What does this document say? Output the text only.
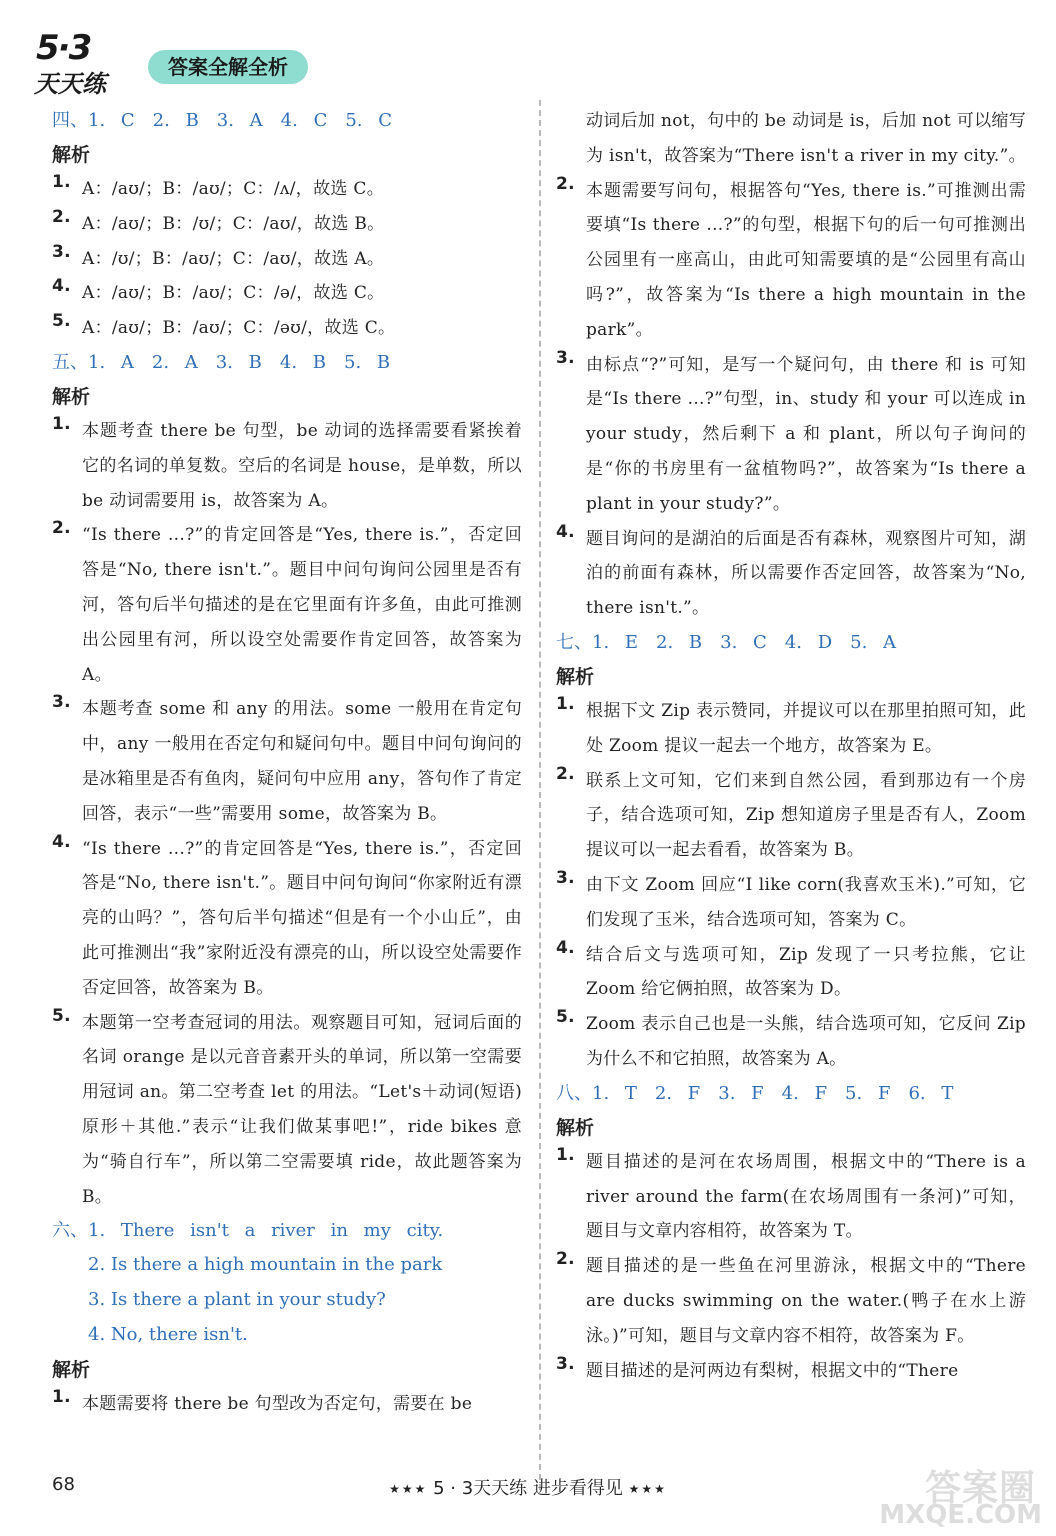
5·3
天天练
答案全解全析
四、1. C　2. B　3. A　4. C　5. C
解析
1. A：/aʊ/；B：/aʊ/；C：/ʌ/，故选 C。
2. A：/aʊ/；B：/ʊ/；C：/aʊ/，故选 B。
3. A：/ʊ/；B：/aʊ/；C：/aʊ/，故选 A。
4. A：/aʊ/；B：/aʊ/；C：/ə/，故选 C。
5. A：/aʊ/；B：/aʊ/；C：/əʊ/，故选 C。
五、1. A　2. A　3. B　4. B　5. B
解析
1. 本题考查 there be 句型，be 动词的选择需要看紧挨着它的名词的单复数。空后的名词是 house，是单数，所以 be 动词需要用 is，故答案为 A。
2. “Is there ...?”的肯定回答是“Yes, there is.”，否定回答是“No, there isn't.”。题目中问句询问公园里是否有河，答句后半句描述的是在它里面有许多鱼，由此可推测出公园里有河，所以设空处需要作肯定回答，故答案为 A。
3. 本题考查 some 和 any 的用法。some 一般用在肯定句中，any 一般用在否定句和疑问句中。题目中问句询问的是冰箱里是否有鱼肉，疑问句中应用 any，答句作了肯定回答，表示“一些”需要用 some，故答案为 B。
4. “Is there ...?”的肯定回答是“Yes, there is.”，否定回答是“No, there isn't.”。题目中问句询问“你家附近有漂亮的山吗？”，答句后半句描述“但是有一个小山丘”，由此可推测出“我”家附近没有漂亮的山，所以设空处需要作否定回答，故答案为 B。
5. 本题第一空考查冠词的用法。观察题目可知，冠词后面的名词 orange 是以元音音素开头的单词，所以第一空需要用冠词 an。第二空考查 let 的用法。“Let's＋动词(短语)原形＋其他.”表示“让我们做某事吧!”，ride bikes 意为“骑自行车”，所以第二空需要填 ride，故此题答案为 B。
六、1. There isn't a river in my city.
2. Is there a high mountain in the park
3. Is there a plant in your study?
4. No, there isn't.
解析
1. 本题需要将 there be 句型改为否定句，需要在 be
动词后加 not，句中的 be 动词是 is，后加 not 可以缩写为 isn't，故答案为“There isn't a river in my city.”。
2. 本题需要写问句，根据答句“Yes, there is.”可推测出需要填“Is there ...?”的句型，根据下句的后一句可推测出公园里有一座高山，由此可知需要填的是“公园里有高山吗?”，故答案为“Is there a high mountain in the park”。
3. 由标点“?”可知，是写一个疑问句，由 there 和 is 可知是“Is there ...?”句型，in、study 和 your 可以连成 in your study，然后剩下 a 和 plant，所以句子询问的是“你的书房里有一盆植物吗?”，故答案为“Is there a plant in your study?”。
4. 题目询问的是湖泊的后面是否有森林，观察图片可知，湖泊的前面有森林，所以需要作否定回答，故答案为“No, there isn't.”。
七、1. E　2. B　3. C　4. D　5. A
解析
1. 根据下文 Zip 表示赞同，并提议可以在那里拍照可知，此处 Zoom 提议一起去一个地方，故答案为 E。
2. 联系上文可知，它们来到自然公园，看到那边有一个房子，结合选项可知，Zip 想知道房子里是否有人，Zoom 提议可以一起去看看，故答案为 B。
3. 由下文 Zoom 回应“I like corn(我喜欢玉米).”可知，它们发现了玉米，结合选项可知，答案为 C。
4. 结合后文与选项可知，Zip 发现了一只考拉熊，它让 Zoom 给它俩拍照，故答案为 D。
5. Zoom 表示自己也是一头熊，结合选项可知，它反问 Zip 为什么不和它拍照，故答案为 A。
八、1. T　2. F　3. F　4. F　5. F　6. T
解析
1. 题目描述的是河在农场周围，根据文中的“There is a river around the farm(在农场周围有一条河)”可知，题目与文章内容相符，故答案为 T。
2. 题目描述的是一些鱼在河里游泳，根据文中的“There are ducks swimming on the water.(鸭子在水上游泳。)”可知，题目与文章内容不相符，故答案为 F。
3. 题目描述的是河两边有梨树，根据文中的“There
68	★★★ 5 · 3天天练 进步看得见 ★★★	答案圈
MXQE.COM
